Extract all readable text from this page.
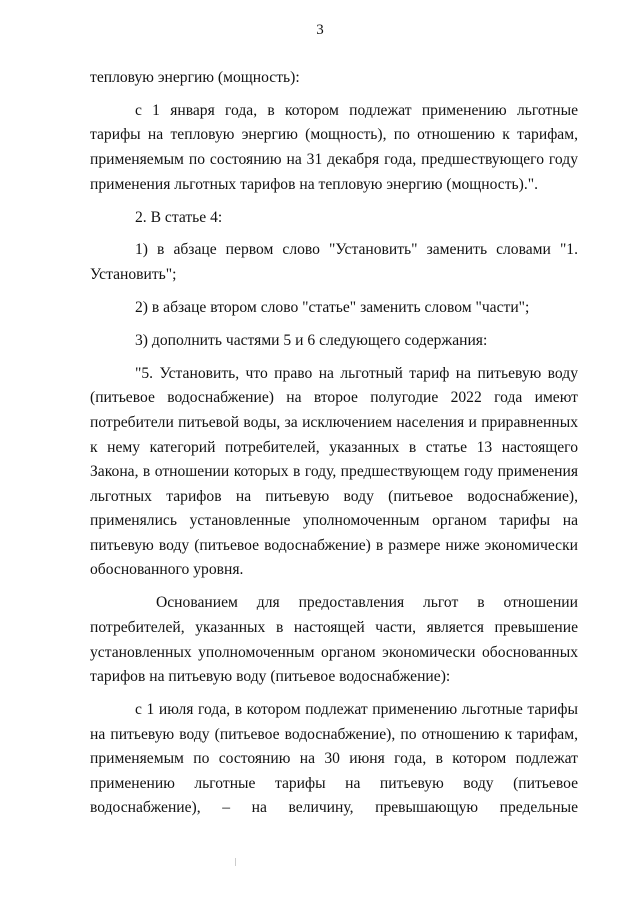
3

тепловую энергию (мощность):

с 1 января года, в котором подлежат применению льготные тарифы на тепловую энергию (мощность), по отношению к тарифам, применяемым по состоянию на 31 декабря года, предшествующего году применения льготных тарифов на тепловую энергию (мощность).".

2. В статье 4:

1) в абзаце первом слово "Установить" заменить словами "1. Установить";

2) в абзаце втором слово "статье" заменить словом "части";

3) дополнить частями 5 и 6 следующего содержания:

"5. Установить, что право на льготный тариф на питьевую воду (питьевое водоснабжение) на второе полугодие 2022 года имеют потребители питьевой воды, за исключением населения и приравненных к нему категорий потребителей, указанных в статье 13 настоящего Закона, в отношении которых в году, предшествующем году применения льготных тарифов на питьевую воду (питьевое водоснабжение), применялись установленные уполномоченным органом тарифы на питьевую воду (питьевое водоснабжение) в размере ниже экономически обоснованного уровня.

Основанием для предоставления льгот в отношении потребителей, указанных в настоящей части, является превышение установленных уполномоченным органом экономически обоснованных тарифов на питьевую воду (питьевое водоснабжение):

с 1 июля года, в котором подлежат применению льготные тарифы на питьевую воду (питьевое водоснабжение), по отношению к тарифам, применяемым по состоянию на 30 июня года, в котором подлежат применению льготные тарифы на питьевую воду (питьевое водоснабжение), – на величину, превышающую предельные
